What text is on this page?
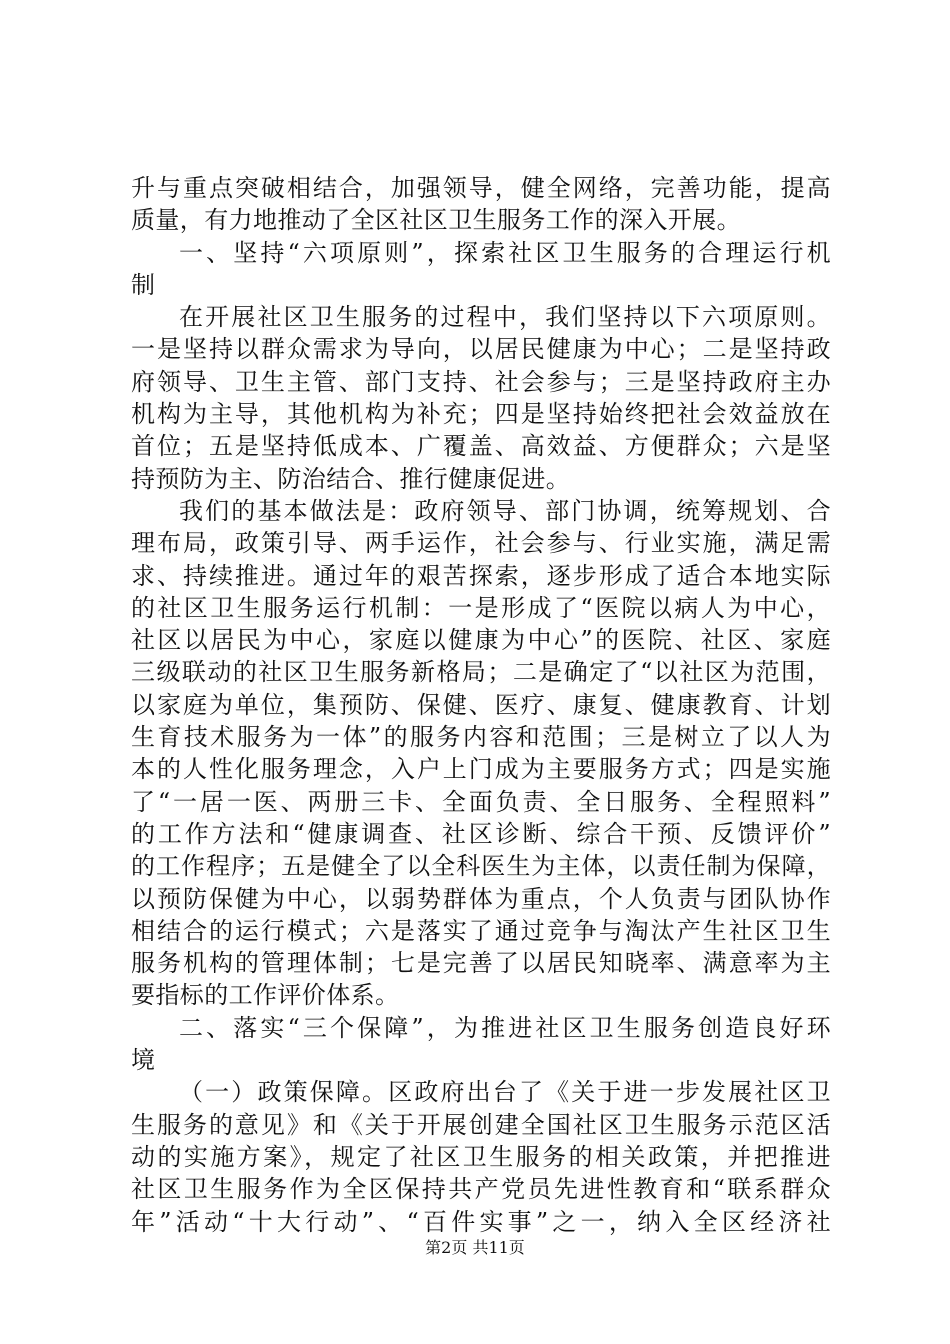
升与重点突破相结合，加强领导，健全网络，完善功能，提高
质量，有力地推动了全区社区卫生服务工作的深入开展。
一、坚持“六项原则”，探索社区卫生服务的合理运行机
制
在开展社区卫生服务的过程中，我们坚持以下六项原则。
一是坚持以群众需求为导向，以居民健康为中心；二是坚持政
府领导、卫生主管、部门支持、社会参与；三是坚持政府主办
机构为主导，其他机构为补充；四是坚持始终把社会效益放在
首位；五是坚持低成本、广覆盖、高效益、方便群众；六是坚
持预防为主、防治结合、推行健康促进。
我们的基本做法是：政府领导、部门协调，统筹规划、合
理布局，政策引导、两手运作，社会参与、行业实施，满足需
求、持续推进。通过年的艰苦探索，逐步形成了适合本地实际
的社区卫生服务运行机制：一是形成了“医院以病人为中心，
社区以居民为中心，家庭以健康为中心”的医院、社区、家庭
三级联动的社区卫生服务新格局；二是确定了“以社区为范围，
以家庭为单位，集预防、保健、医疗、康复、健康教育、计划
生育技术服务为一体”的服务内容和范围；三是树立了以人为
本的人性化服务理念，入户上门成为主要服务方式；四是实施
了“一居一医、两册三卡、全面负责、全日服务、全程照料”
的工作方法和“健康调查、社区诊断、综合干预、反馈评价”
的工作程序；五是健全了以全科医生为主体，以责任制为保障，
以预防保健为中心，以弱势群体为重点，个人负责与团队协作
相结合的运行模式；六是落实了通过竞争与淘汰产生社区卫生
服务机构的管理体制；七是完善了以居民知晓率、满意率为主
要指标的工作评价体系。
二、落实“三个保障”，为推进社区卫生服务创造良好环
境
（一）政策保障。区政府出台了《关于进一步发展社区卫
生服务的意见》和《关于开展创建全国社区卫生服务示范区活
动的实施方案》，规定了社区卫生服务的相关政策，并把推进
社区卫生服务作为全区保持共产党员先进性教育和“联系群众
年”活动“十大行动”、“百件实事”之一，纳入全区经济社
第2页 共11页
